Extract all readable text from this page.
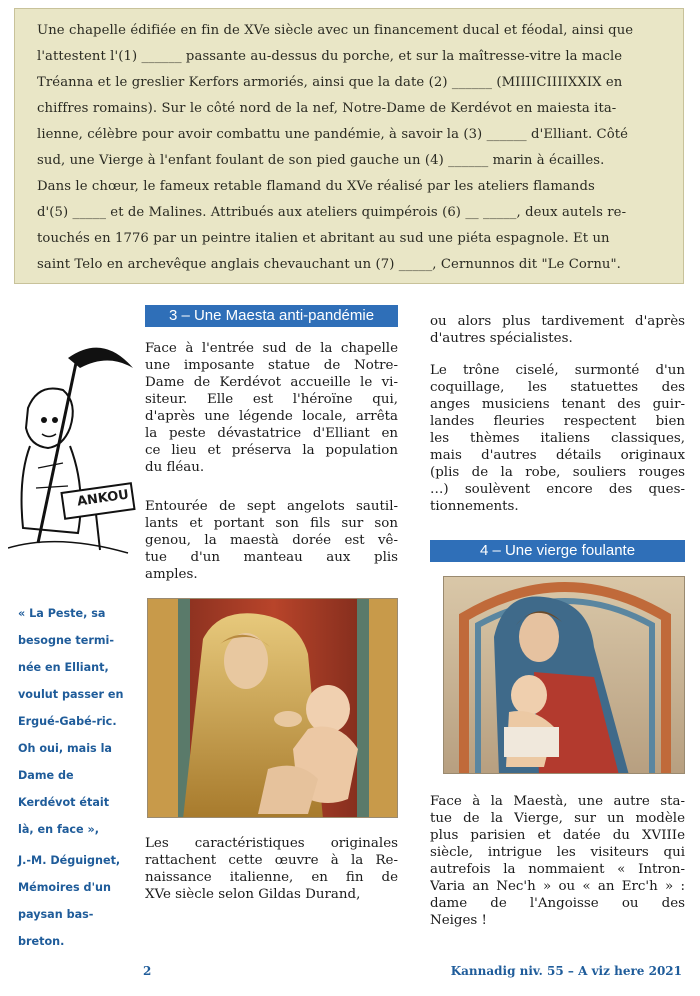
Une chapelle édifiée en fin de XVe siècle avec un financement ducal et féodal, ainsi que
l'attestent l'(1) ______ passante au-dessus du porche, et sur la maîtresse-vitre la macle
Tréanna et le greslier Kerfors armoriés, ainsi que la date (2) ______ (MIIIICIIIIXXIX en
chiffres romains). Sur le côté nord de la nef, Notre-Dame de Kerdévot en maiesta ita-
lienne, célèbre pour avoir combattu une pandémie, à savoir la (3) ______ d'Elliant. Côté
sud, une Vierge à l'enfant foulant de son pied gauche un (4) ______ marin à écailles.
Dans le chœur, le fameux retable flamand du XVe réalisé par les ateliers flamands
d'(5) _____ et de Malines. Attribués aux ateliers quimpérois (6) __ _____, deux autels re-
touchés en 1776 par un peintre italien et abritant au sud une piéta espagnole. Et un
saint Telo en archevêque anglais chevauchant un (7) _____, Cernunnos dit "Le Cornu".
ANKOU
3 – Une Maesta anti-pandémie
Face à l'entrée sud de la chapelle
une imposante statue de Notre-
Dame de Kerdévot accueille le vi-
siteur. Elle est l'héroïne qui,
d'après une légende locale, arrêta
la peste dévastatrice d'Elliant en
ce lieu et préserva la population
du fléau.
Entourée de sept angelots sautil-
lants et portant son fils sur son
genou, la maestà dorée est vê-
tue d'un manteau aux plis
amples.
« La Peste, sa
besogne termi-
née en Elliant,
voulut passer en
Ergué-Gabé-ric.
Oh oui, mais la
Dame de
Kerdévot était
là, en face »,
J.-M. Déguignet,
Mémoires d'un
paysan bas-
breton.
Les caractéristiques originales
rattachent cette œuvre à la Re-
naissance italienne, en fin de
XVe siècle selon Gildas Durand,
ou alors plus tardivement d'après
d'autres spécialistes.
Le trône ciselé, surmonté d'un
coquillage, les statuettes des
anges musiciens tenant des guir-
landes fleuries respectent bien
les thèmes italiens classiques,
mais d'autres détails originaux
(plis de la robe, souliers rouges
…) soulèvent encore des ques-
tionnements.
4 – Une vierge foulante
Face à la Maestà, une autre sta-
tue de la Vierge, sur un modèle
plus parisien et datée du XVIIIe
siècle, intrigue les visiteurs qui
autrefois la nommaient « Intron-
Varia an Nec'h » ou « an Erc'h » :
dame de l'Angoisse ou des
Neiges !
2	Kannadig niv. 55 – A viz here 2021
